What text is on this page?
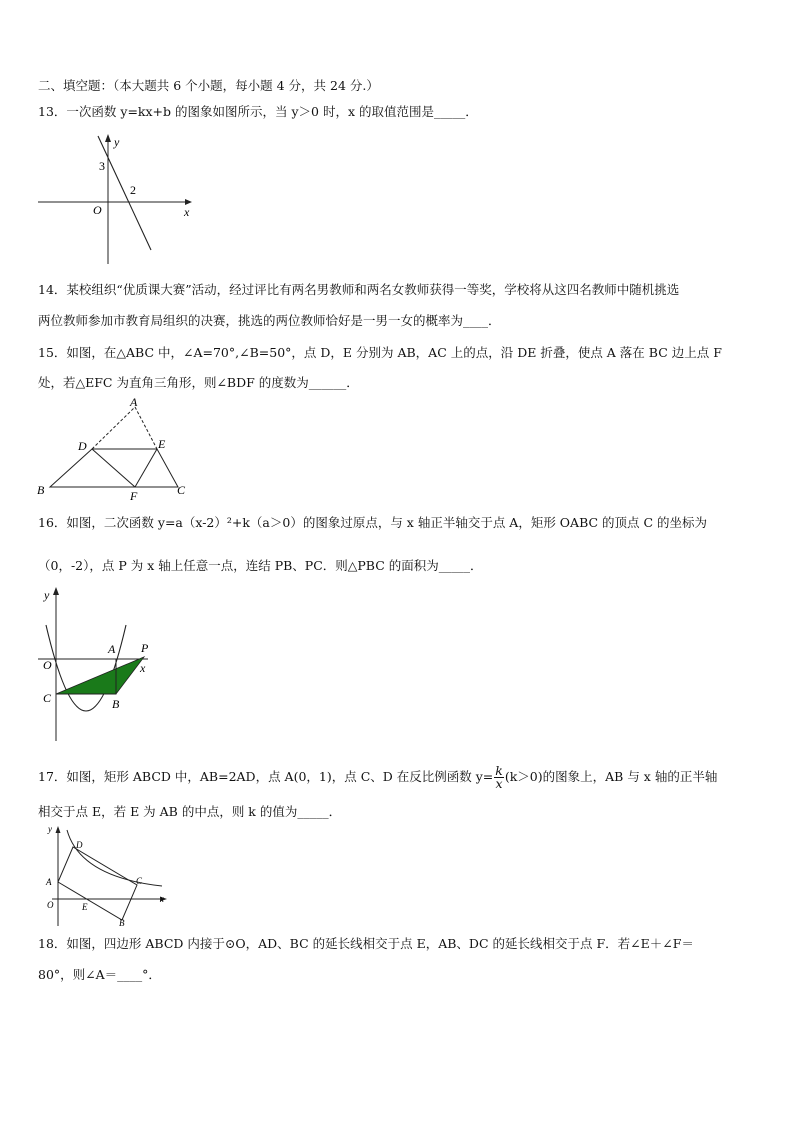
二、填空题：（本大题共 6 个小题，每小题 4 分，共 24 分.）
13．一次函数 y=kx+b 的图象如图所示，当 y＞0 时，x 的取值范围是_____．
y
x
O
3
2
14．某校组织“优质课大赛”活动，经过评比有两名男教师和两名女教师获得一等奖，学校将从这四名教师中随机挑选
两位教师参加市教育局组织的决赛，挑选的两位教师恰好是一男一女的概率为____．
15．如图，在△ABC 中，∠A=70°,∠B=50°，点 D，E 分别为 AB，AC 上的点，沿 DE 折叠，使点 A 落在 BC 边上点 F
处，若△EFC 为直角三角形，则∠BDF 的度数为______．
A
D	E
B	F	C
16．如图，二次函数 y=a（x-2）²+k（a＞0）的图象过原点，与 x 轴正半轴交于点 A，矩形 OABC 的顶点 C 的坐标为
（0，-2），点 P 为 x 轴上任意一点，连结 PB、PC．则△PBC 的面积为_____．
y
O
A P
x
C	B
17．如图，矩形 ABCD 中，AB=2AD，点 A(0，1)，点 C、D 在反比例函数 $y= \frac{k}{x} (k>0)$的图象上，AB 与 x 轴的正半轴
相交于点 E，若 E 为 AB 的中点，则 k 的值为_____．
y
D
A	C
x
O	E
B
18．如图，四边形 ABCD 内接于⊙O，AD、BC 的延长线相交于点 E，AB、DC 的延长线相交于点 F．若∠E＋∠F＝
80°，则∠A＝____°．
